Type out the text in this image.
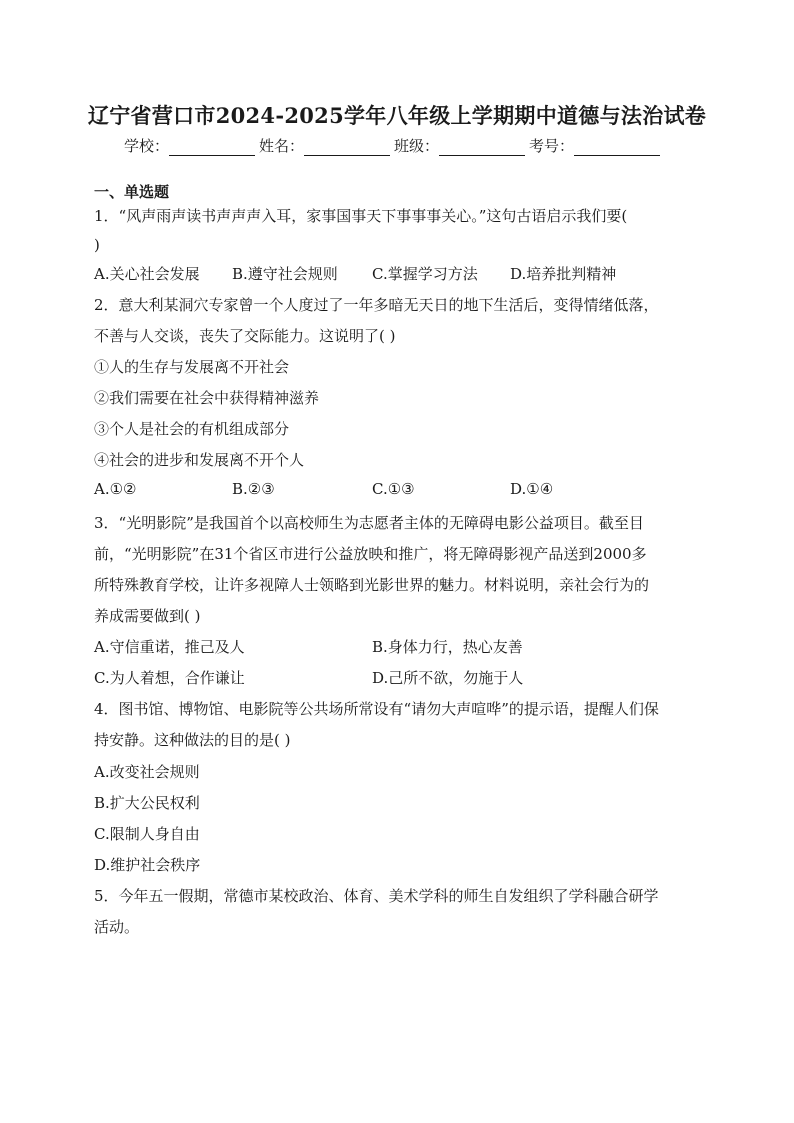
辽宁省营口市2024-2025学年八年级上学期期中道德与法治试卷
学校：	姓名：	班级：	考号：
一、单选题
1．“风声雨声读书声声声入耳，家事国事天下事事事关心。”这句古语启示我们要(
)
A.关心社会发展 B.遵守社会规则 C.掌握学习方法 D.培养批判精神
2．意大利某洞穴专家曾一个人度过了一年多暗无天日的地下生活后，变得情绪低落，
不善与人交谈，丧失了交际能力。这说明了( )
①人的生存与发展离不开社会
②我们需要在社会中获得精神滋养
③个人是社会的有机组成部分
④社会的进步和发展离不开个人
A.①②	B.②③	C.①③	D.①④
3．“光明影院”是我国首个以高校师生为志愿者主体的无障碍电影公益项目。截至目
前，“光明影院”在31个省区市进行公益放映和推广，将无障碍影视产品送到2000多
所特殊教育学校，让许多视障人士领略到光影世界的魅力。材料说明，亲社会行为的
养成需要做到( )
A.守信重诺，推己及人	B.身体力行，热心友善
C.为人着想，合作谦让	D.己所不欲，勿施于人
4．图书馆、博物馆、电影院等公共场所常设有“请勿大声喧哗”的提示语，提醒人们保
持安静。这种做法的目的是( )
A.改变社会规则
B.扩大公民权利
C.限制人身自由
D.维护社会秩序
5．今年五一假期，常德市某校政治、体育、美术学科的师生自发组织了学科融合研学
活动。
